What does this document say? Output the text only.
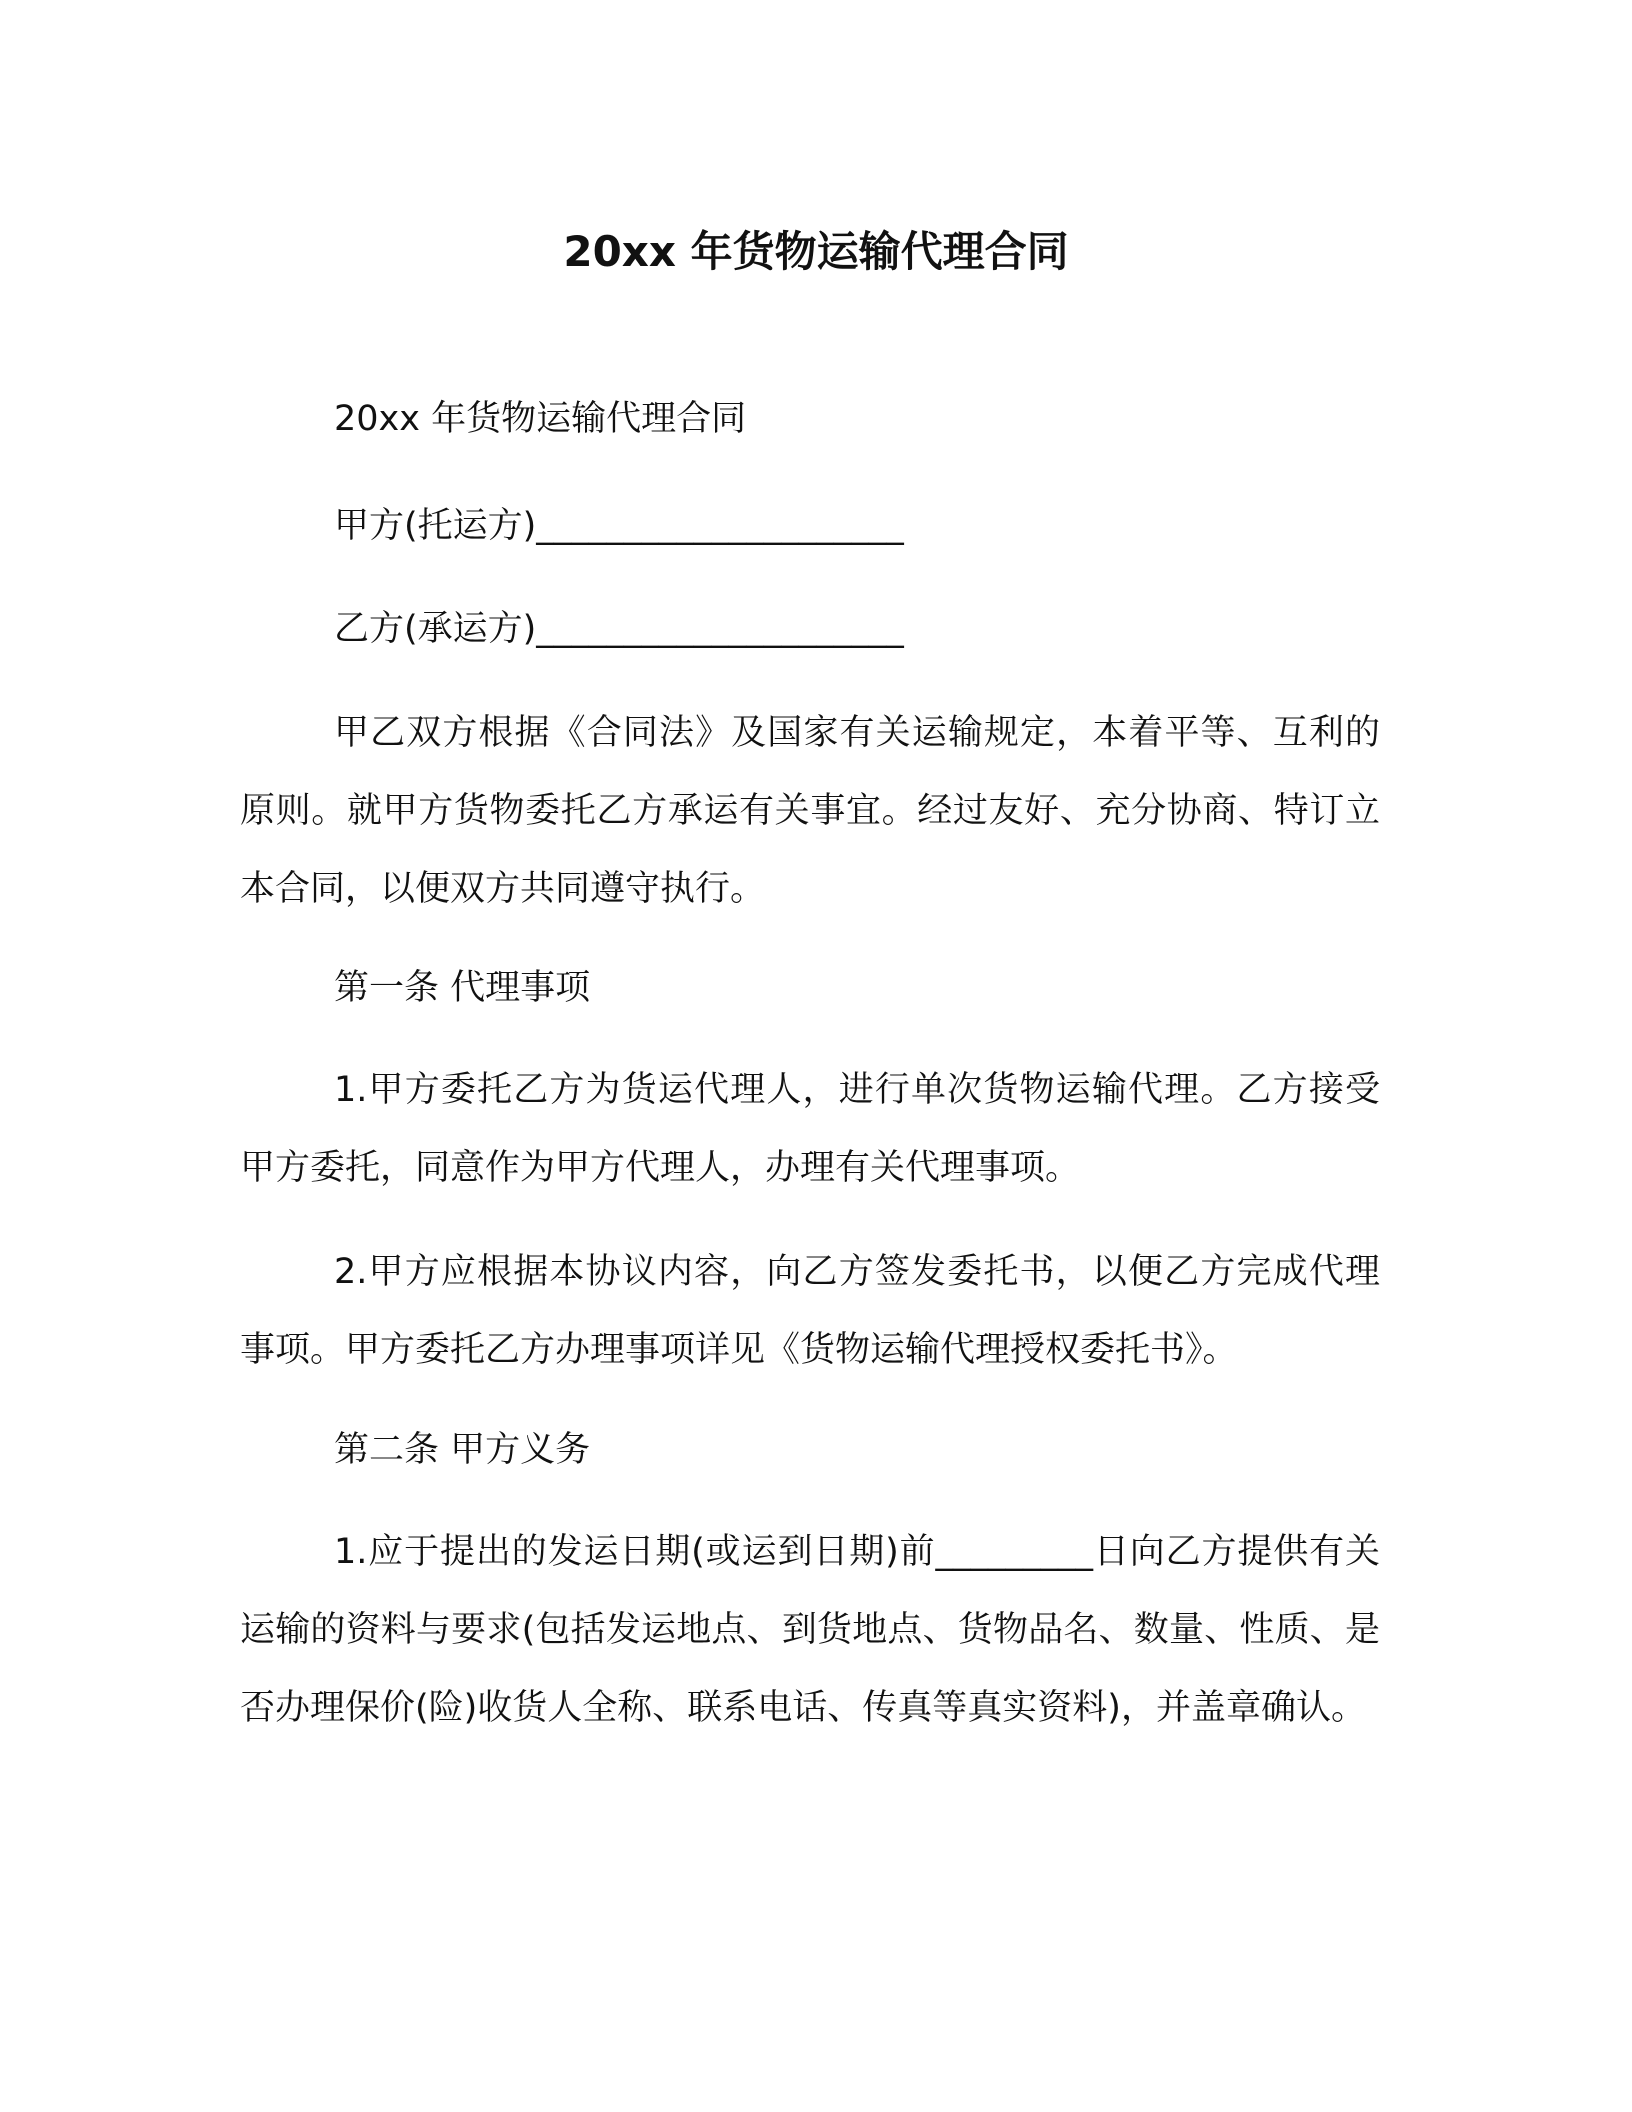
20xx 年货物运输代理合同
20xx 年货物运输代理合同
甲方(托运方)_____________________
乙方(承运方)_____________________
甲乙双方根据《合同法》及国家有关运输规定，本着平等、互利的原则。就甲方货物委托乙方承运有关事宜。经过友好、充分协商、特订立本合同，以便双方共同遵守执行。
第一条 代理事项
1.甲方委托乙方为货运代理人，进行单次货物运输代理。乙方接受甲方委托，同意作为甲方代理人，办理有关代理事项。
2.甲方应根据本协议内容，向乙方签发委托书，以便乙方完成代理事项。甲方委托乙方办理事项详见《货物运输代理授权委托书》。
第二条 甲方义务
1.应于提出的发运日期(或运到日期)前_________日向乙方提供有关运输的资料与要求(包括发运地点、到货地点、货物品名、数量、性质、是否办理保价(险)收货人全称、联系电话、传真等真实资料)，并盖章确认。
